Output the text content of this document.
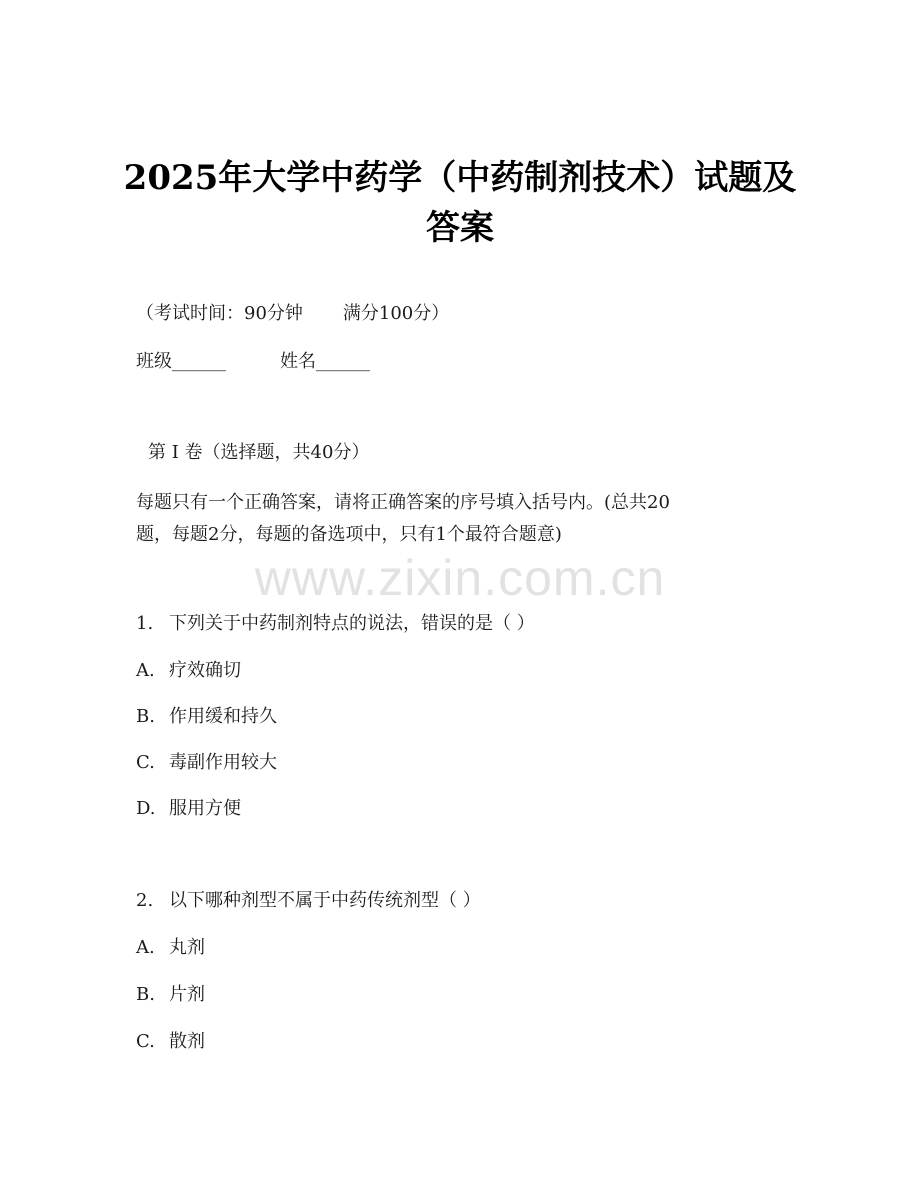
2025年大学中药学（中药制剂技术）试题及
答案
（考试时间：90分钟 满分100分）
班级______	姓名______
第 I 卷（选择题，共40分）

每题只有一个正确答案，请将正确答案的序号填入括号内。(总共20

题，每题2分，每题的备选项中，只有1个最符合题意)

www.zixin.com.cn
1. 下列关于中药制剂特点的说法，错误的是（ ）
A. 疗效确切
B. 作用缓和持久
C. 毒副作用较大
D. 服用方便
2. 以下哪种剂型不属于中药传统剂型（ ）
A. 丸剂
B. 片剂
C. 散剂
